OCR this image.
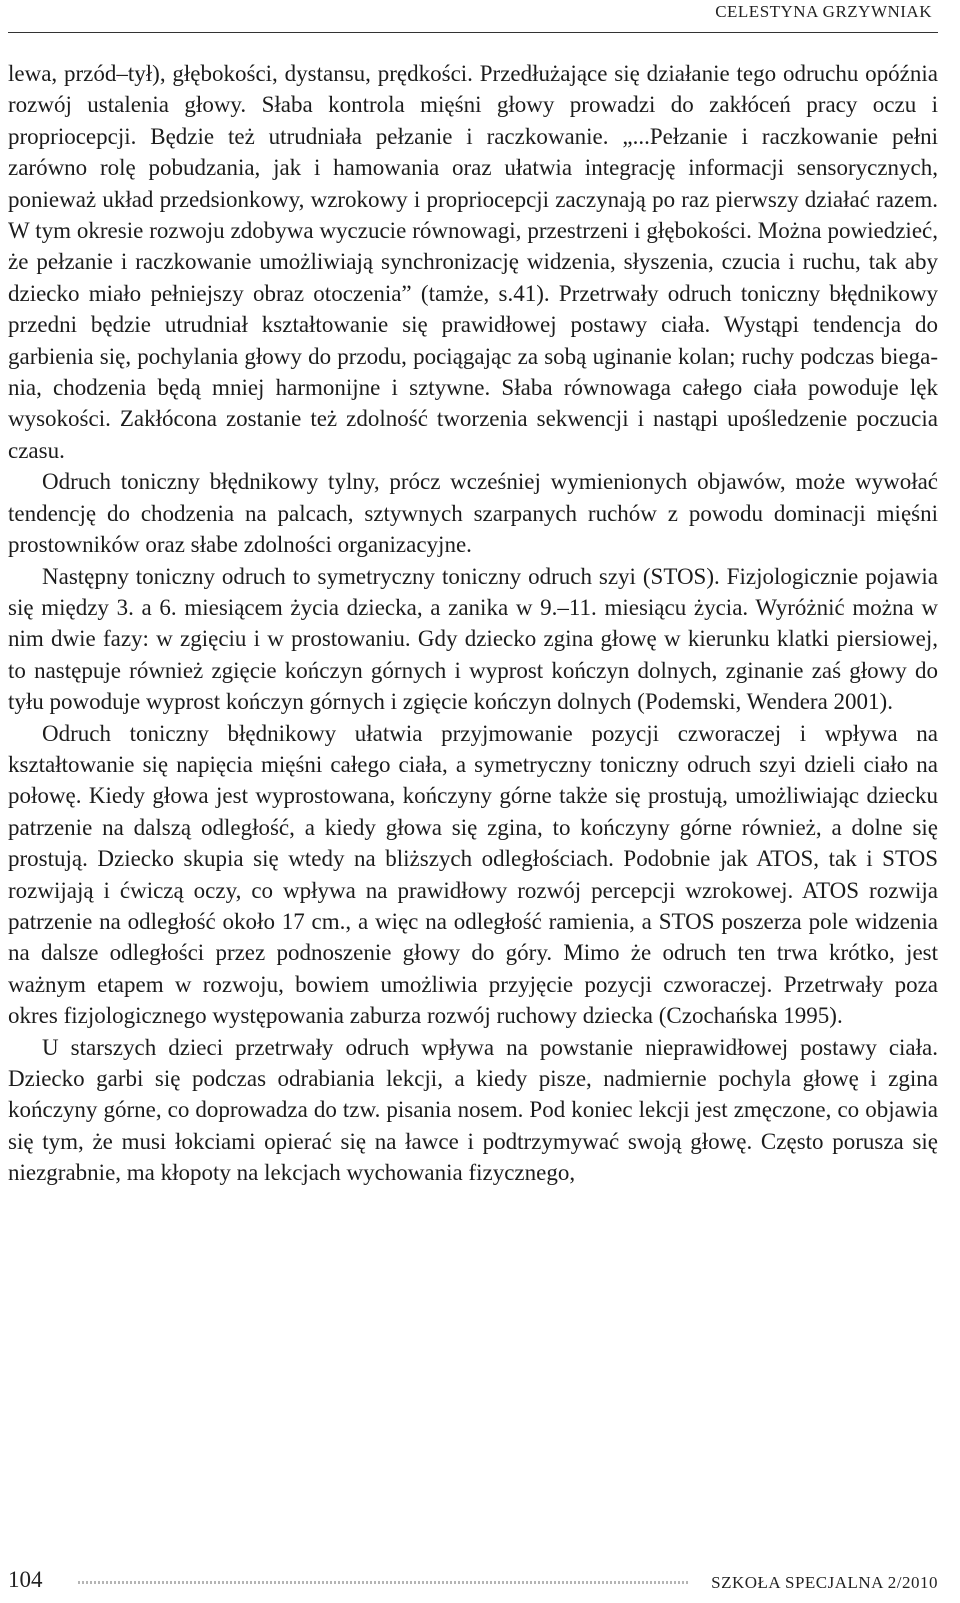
CELESTYNA GRZYWNIAK

lewa, przód–tył), głębokości, dystansu, prędkości. Przedłużające się działanie tego odruchu opóźnia rozwój ustalenia głowy. Słaba kontrola mięśni głowy prowadzi do zakłóceń pracy oczu i propriocepcji. Będzie też utrudniała pełzanie i raczkowanie. „...Pełzanie i raczkowanie pełni zarówno rolę pobudzania, jak i hamowania oraz ułatwia integrację informacji sensorycznych, ponieważ układ przedsionkowy, wzrokowy i propriocepcji zaczynają po raz pierwszy działać razem. W tym okresie rozwoju zdobywa wyczucie równowagi, przestrzeni i głębokości. Można powiedzieć, że pełzanie i raczkowanie umożliwiają synchronizację widzenia, słyszenia, czucia i ruchu, tak aby dziecko miało pełniejszy obraz otoczenia” (tamże, s.41). Przetrwały odruch toniczny błędnikowy przedni będzie utrudniał kształtowanie się prawidłowej postawy ciała. Wystąpi tendencja do garbienia się, pochylania głowy do przodu, pociągając za sobą uginanie kolan; ruchy podczas biegania, chodzenia będą mniej harmonijne i sztywne. Słaba równowaga całego ciała powoduje lęk wysokości. Zakłócona zostanie też zdolność tworzenia sekwencji i nastąpi upośledzenie poczucia czasu.

Odruch toniczny błędnikowy tylny, prócz wcześniej wymienionych objawów, może wywołać tendencję do chodzenia na palcach, sztywnych szarpanych ruchów z powodu dominacji mięśni prostowników oraz słabe zdolności organizacyjne.

Następny toniczny odruch to symetryczny toniczny odruch szyi (STOS). Fizjologicznie pojawia się między 3. a 6. miesiącem życia dziecka, a zanika w 9.–11. miesiącu życia. Wyróżnić można w nim dwie fazy: w zgięciu i w prostowaniu. Gdy dziecko zgina głowę w kierunku klatki piersiowej, to następuje również zgięcie kończyn górnych i wyprost kończyn dolnych, zginanie zaś głowy do tyłu powoduje wyprost kończyn górnych i zgięcie kończyn dolnych (Podemski, Wendera 2001).

Odruch toniczny błędnikowy ułatwia przyjmowanie pozycji czworaczej i wpływa na kształtowanie się napięcia mięśni całego ciała, a symetryczny toniczny odruch szyi dzieli ciało na połowę. Kiedy głowa jest wyprostowana, kończyny górne także się prostują, umożliwiając dziecku patrzenie na dalszą odległość, a kiedy głowa się zgina, to kończyny górne również, a dolne się prostują. Dziecko skupia się wtedy na bliższych odległościach. Podobnie jak ATOS, tak i STOS rozwijają i ćwiczą oczy, co wpływa na prawidłowy rozwój percepcji wzrokowej. ATOS rozwija patrzenie na odległość około 17 cm., a więc na odległość ramienia, a STOS poszerza pole widzenia na dalsze odległości przez podnoszenie głowy do góry. Mimo że odruch ten trwa krótko, jest ważnym etapem w rozwoju, bowiem umożliwia przyjęcie pozycji czworaczej. Przetrwały poza okres fizjologicznego występowania zaburza rozwój ruchowy dziecka (Czochańska 1995).

U starszych dzieci przetrwały odruch wpływa na powstanie nieprawidłowej postawy ciała. Dziecko garbi się podczas odrabiania lekcji, a kiedy pisze, nadmiernie pochyla głowę i zgina kończyny górne, co doprowadza do tzw. pisania nosem. Pod koniec lekcji jest zmęczone, co objawia się tym, że musi łokciami opierać się na ławce i podtrzymywać swoją głowę. Często porusza się niezgrabnie, ma kłopoty na lekcjach wychowania fizycznego,

104	SZKOŁA SPECJALNA 2/2010
